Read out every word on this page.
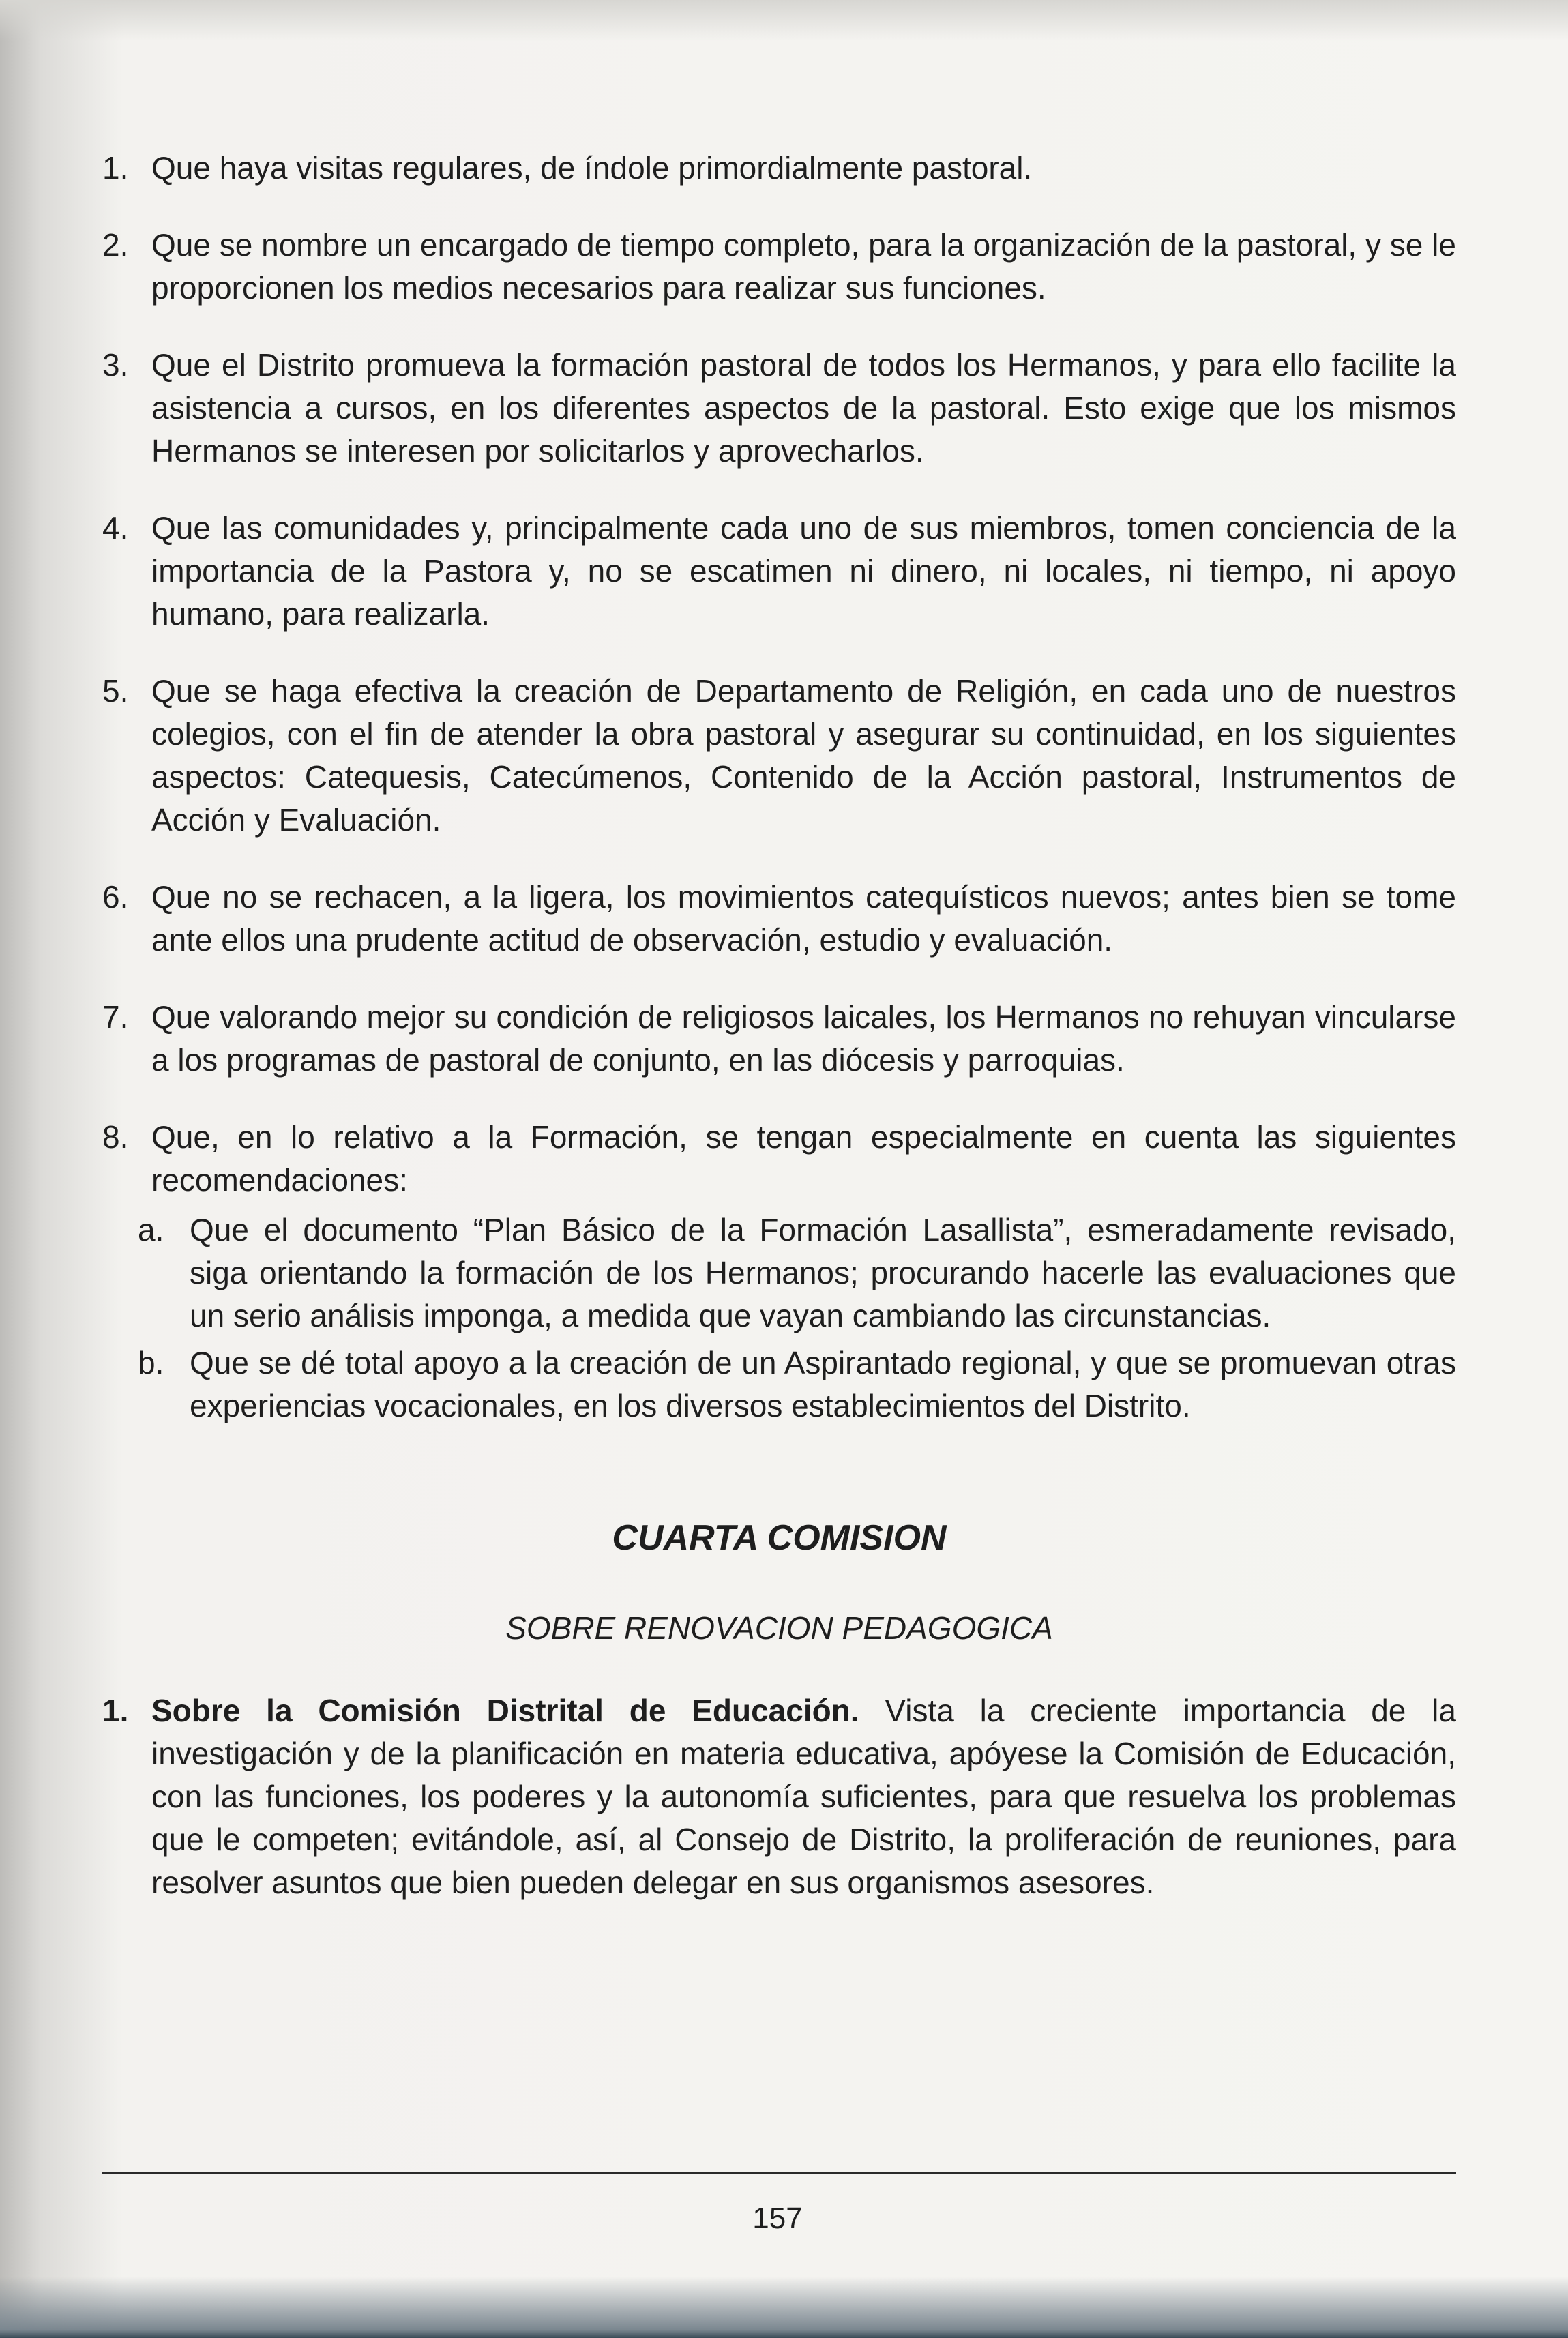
1. Que haya visitas regulares, de índole primordialmente pastoral.
2. Que se nombre un encargado de tiempo completo, para la organización de la pastoral, y se le proporcionen los medios necesarios para realizar sus funciones.
3. Que el Distrito promueva la formación pastoral de todos los Hermanos, y para ello facilite la asistencia a cursos, en los diferentes aspectos de la pastoral. Esto exige que los mismos Hermanos se interesen por solicitarlos y aprovecharlos.
4. Que las comunidades y, principalmente cada uno de sus miembros, tomen conciencia de la importancia de la Pastora y, no se escatimen ni dinero, ni locales, ni tiempo, ni apoyo humano, para realizarla.
5. Que se haga efectiva la creación de Departamento de Religión, en cada uno de nuestros colegios, con el fin de atender la obra pastoral y asegurar su continuidad, en los siguientes aspectos: Catequesis, Catecúmenos, Contenido de la Acción pastoral, Instrumentos de Acción y Evaluación.
6. Que no se rechacen, a la ligera, los movimientos catequísticos nuevos; antes bien se tome ante ellos una prudente actitud de observación, estudio y evaluación.
7. Que valorando mejor su condición de religiosos laicales, los Hermanos no rehuyan vincularse a los programas de pastoral de conjunto, en las diócesis y parroquias.
8. Que, en lo relativo a la Formación, se tengan especialmente en cuenta las siguientes recomendaciones:
a. Que el documento “Plan Básico de la Formación Lasallista”, esmeradamente revisado, siga orientando la formación de los Hermanos; procurando hacerle las evaluaciones que un serio análisis imponga, a medida que vayan cambiando las circunstancias.
b. Que se dé total apoyo a la creación de un Aspirantado regional, y que se promuevan otras experiencias vocacionales, en los diversos establecimientos del Distrito.
CUARTA COMISION
SOBRE RENOVACION PEDAGOGICA
1. Sobre la Comisión Distrital de Educación. Vista la creciente importancia de la investigación y de la planificación en materia educativa, apóyese la Comisión de Educación, con las funciones, los poderes y la autonomía suficientes, para que resuelva los problemas que le competen; evitándole, así, al Consejo de Distrito, la proliferación de reuniones, para resolver asuntos que bien pueden delegar en sus organismos asesores.
157
